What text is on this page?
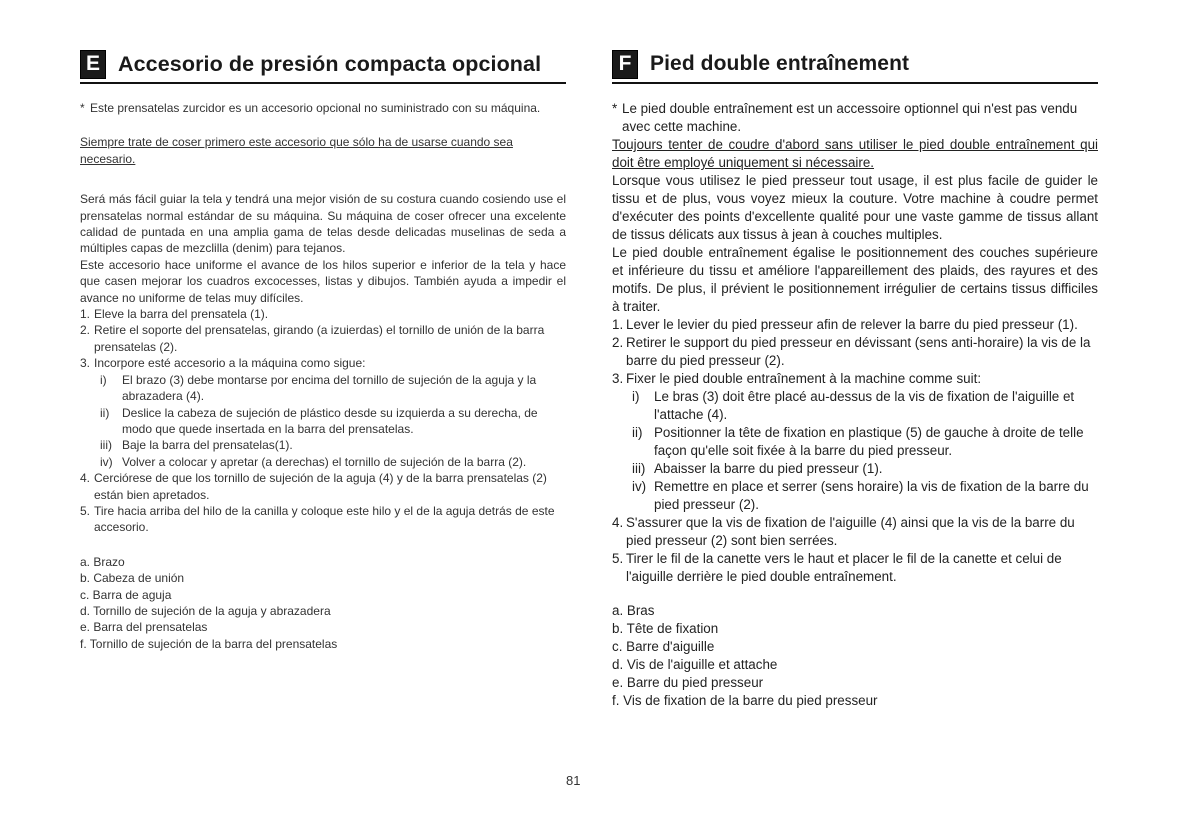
E Accesorio de presión compacta opcional
* Este prensatelas zurcidor es un accesorio opcional no suministrado con su máquina.

Siempre trate de coser primero este accesorio que sólo ha de usarse cuando sea necesario.

Será más fácil guiar la tela y tendrá una mejor visión de su costura cuando cosiendo use el prensatelas normal estándar de su máquina. Su máquina de coser ofrecer una excelente calidad de puntada en una amplia gama de telas desde delicadas muselinas de seda a múltiples capas de mezclilla (denim) para tejanos.

Este accesorio hace uniforme el avance de los hilos superior e inferior de la tela y hace que casen mejorar los cuadros excocesses, listas y dibujos. También ayuda a impedir el avance no uniforme de telas muy difíciles.

1. Eleve la barra del prensatela (1).
2. Retire el soporte del prensatelas, girando (a izuierdas) el tornillo de unión de la barra prensatelas (2).
3. Incorpore esté accesorio a la máquina como sigue:
i)	El brazo (3) debe montarse por encima del tornillo de sujeción de la aguja y la abrazadera (4).
ii)	Deslice la cabeza de sujeción de plástico desde su izquierda a su derecha, de modo que quede insertada en la barra del prensatelas.
iii) Baje la barra del prensatelas(1).
iv) Volver a colocar y apretar (a derechas) el tornillo de sujeción de la barra (2).
4. Cerciórese de que los tornillo de sujeción de la aguja (4) y de la barra prensatelas (2) están bien apretados.
5. Tire hacia arriba del hilo de la canilla y coloque este hilo y el de la aguja detrás de este accesorio.
a. Brazo
b. Cabeza de unión
c. Barra de aguja
d. Tornillo de sujeción de la aguja y abrazadera
e. Barra del prensatelas
f. Tornillo de sujeción de la barra del prensatelas
F Pied double entraînement
* Le pied double entraînement est un accessoire optionnel qui n'est pas vendu avec cette machine.

Toujours tenter de coudre d'abord sans utiliser le pied double entraînement qui doit être employé uniquement si nécessaire.

Lorsque vous utilisez le pied presseur tout usage, il est plus facile de guider le tissu et de plus, vous voyez mieux la couture. Votre machine à coudre permet d'exécuter des points d'excellente qualité pour une vaste gamme de tissus allant de tissus délicats aux tissus à jean à couches multiples.

Le pied double entraînement égalise le positionnement des couches supérieure et inférieure du tissu et améliore l'appareillement des plaids, des rayures et des motifs. De plus, il prévient le positionnement irrégulier de certains tissus difficiles à traiter.

1. Lever le levier du pied presseur afin de relever la barre du pied presseur (1).
2. Retirer le support du pied presseur en dévissant (sens anti-horaire) la vis de la barre du pied presseur (2).
3. Fixer le pied double entraînement à la machine comme suit:
i)	Le bras (3) doit être placé au-dessus de la vis de fixation de l'aiguille et l'attache (4).
ii) Positionner la tête de fixation en plastique (5) de gauche à droite de telle façon qu'elle soit fixée à la barre du pied presseur.
iii) Abaisser la barre du pied presseur (1).
iv) Remettre en place et serrer (sens horaire) la vis de fixation de la barre du pied presseur (2).
4. S'assurer que la vis de fixation de l'aiguille (4) ainsi que la vis de la barre du pied presseur (2) sont bien serrées.
5. Tirer le fil de la canette vers le haut et placer le fil de la canette et celui de l'aiguille derrière le pied double entraînement.
a. Bras
b. Tête de fixation
c. Barre d'aiguille
d. Vis de l'aiguille et attache
e. Barre du pied presseur
f. Vis de fixation de la barre du pied presseur
81
